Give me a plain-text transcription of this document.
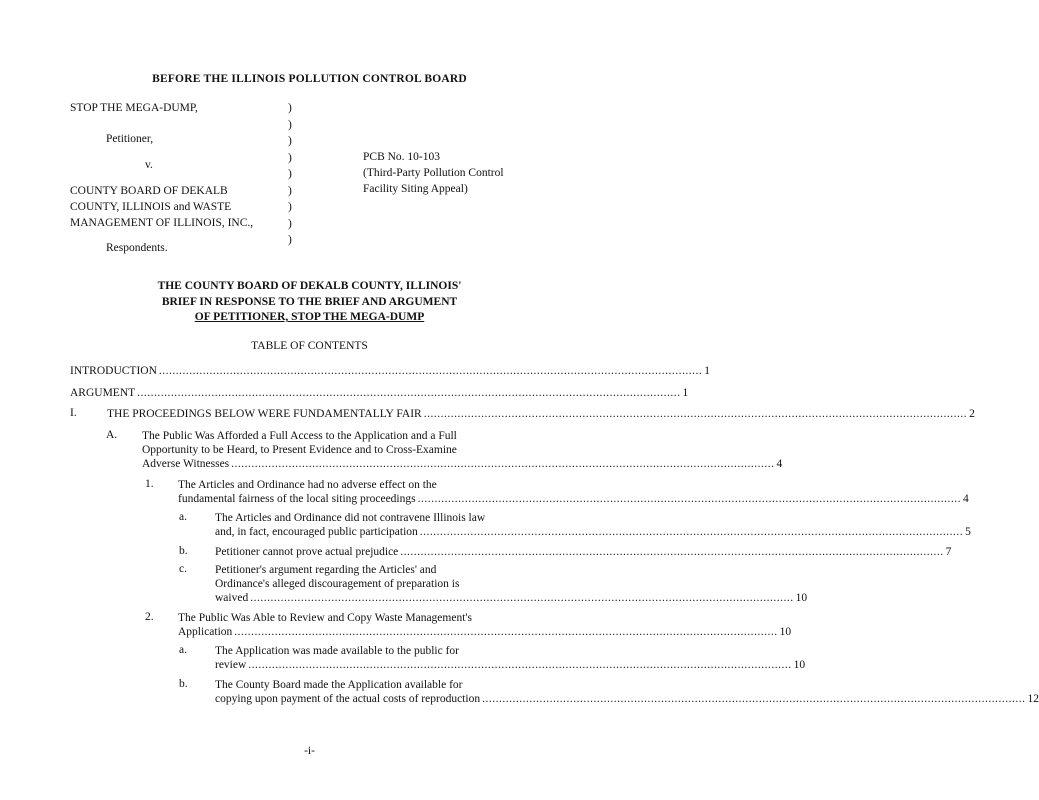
BEFORE THE ILLINOIS POLLUTION CONTROL BOARD
STOP THE MEGA-DUMP,
Petitioner,
v.
COUNTY BOARD OF DEKALB
COUNTY, ILLINOIS and WASTE
MANAGEMENT OF ILLINOIS, INC.,
Respondents.
)
)
)
)
)
)
)
)
)
PCB No. 10-103
(Third-Party Pollution Control
Facility Siting Appeal)
THE COUNTY BOARD OF DEKALB COUNTY, ILLINOIS'
BRIEF IN RESPONSE TO THE BRIEF AND ARGUMENT
OF PETITIONER, STOP THE MEGA-DUMP
TABLE OF CONTENTS
INTRODUCTION ................................................................................................................................................................. 1
ARGUMENT ................................................................................................................................................................. 1
I.	THE PROCEEDINGS BELOW WERE FUNDAMENTALLY FAIR ................................................................................................................................................................. 2
A. The Public Was Afforded a Full Access to the Application and a Full
Opportunity to be Heard, to Present Evidence and to Cross-Examine
Adverse Witnesses ................................................................................................................................................................. 4
1. The Articles and Ordinance had no adverse effect on the
fundamental fairness of the local siting proceedings ................................................................................................................................................................. 4
a. The Articles and Ordinance did not contravene Illinois law
and, in fact, encouraged public participation ................................................................................................................................................................. 5
b. Petitioner cannot prove actual prejudice ................................................................................................................................................................. 7
c. Petitioner's argument regarding the Articles' and
Ordinance's alleged discouragement of preparation is
waived ................................................................................................................................................................. 10
2. The Public Was Able to Review and Copy Waste Management's
Application ................................................................................................................................................................. 10
a. The Application was made available to the public for
review ................................................................................................................................................................. 10
b. The County Board made the Application available for
copying upon payment of the actual costs of reproduction ................................................................................................................................................................. 12
-i-
